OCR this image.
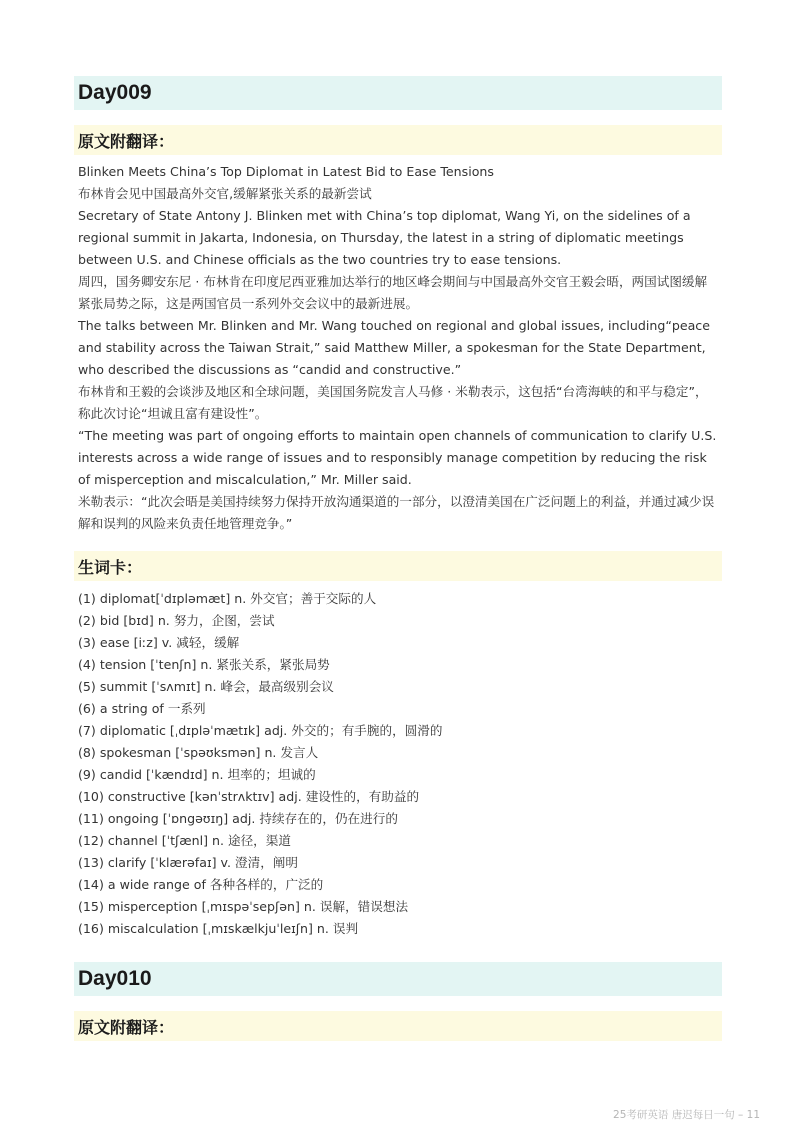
Day009
原文附翻译：

Blinken Meets China’s Top Diplomat in Latest Bid to Ease Tensions

布林肯会见中国最高外交官,缓解紧张关系的最新尝试

Secretary of State Antony J. Blinken met with China’s top diplomat, Wang Yi, on the sidelines of a regional summit in Jakarta, Indonesia, on Thursday, the latest in a string of diplomatic meetings between U.S. and Chinese officials as the two countries try to ease tensions.

周四，国务卿安东尼 · 布林肯在印度尼西亚雅加达举行的地区峰会期间与中国最高外交官王毅会晤，两国试图缓解紧张局势之际，这是两国官员一系列外交会议中的最新进展。

The talks between Mr. Blinken and Mr. Wang touched on regional and global issues, including“peace and stability across the Taiwan Strait,” said Matthew Miller, a spokesman for the State Department, who described the discussions as “candid and constructive.”

布林肯和王毅的会谈涉及地区和全球问题，美国国务院发言人马修 · 米勒表示，这包括“台湾海峡的和平与稳定”，称此次讨论“坦诚且富有建设性”。

“The meeting was part of ongoing efforts to maintain open channels of communication to clarify U.S. interests across a wide range of issues and to responsibly manage competition by reducing the risk of misperception and miscalculation,” Mr. Miller said.

米勒表示：“此次会晤是美国持续努力保持开放沟通渠道的一部分，以澄清美国在广泛问题上的利益，并通过减少误解和误判的风险来负责任地管理竞争。”

生词卡：
(1) diplomat[ˈdɪpləmæt] n. 外交官；善于交际的人
(2) bid [bɪd] n. 努力，企图，尝试
(3) ease [iːz] v. 减轻，缓解
(4) tension [ˈtenʃn] n. 紧张关系，紧张局势
(5) summit [ˈsʌmɪt] n. 峰会，最高级别会议
(6) a string of 一系列
(7) diplomatic [ˌdɪpləˈmætɪk] adj. 外交的；有手腕的，圆滑的
(8) spokesman [ˈspəʊksmən] n. 发言人
(9) candid [ˈkændɪd] n. 坦率的；坦诚的
(10) constructive [kənˈstrʌktɪv] adj. 建设性的，有助益的
(11) ongoing [ˈɒngəʊɪŋ] adj. 持续存在的，仍在进行的
(12) channel [ˈtʃænl] n. 途径，渠道
(13) clarify [ˈklærəfaɪ] v. 澄清，阐明
(14) a wide range of 各种各样的，广泛的
(15) misperception [ˌmɪspəˈsepʃən] n. 误解，错误想法
(16) miscalculation [ˌmɪskælkjuˈleɪʃn] n. 误判
Day010
原文附翻译：
25考研英语 唐迟每日一句 – 11
